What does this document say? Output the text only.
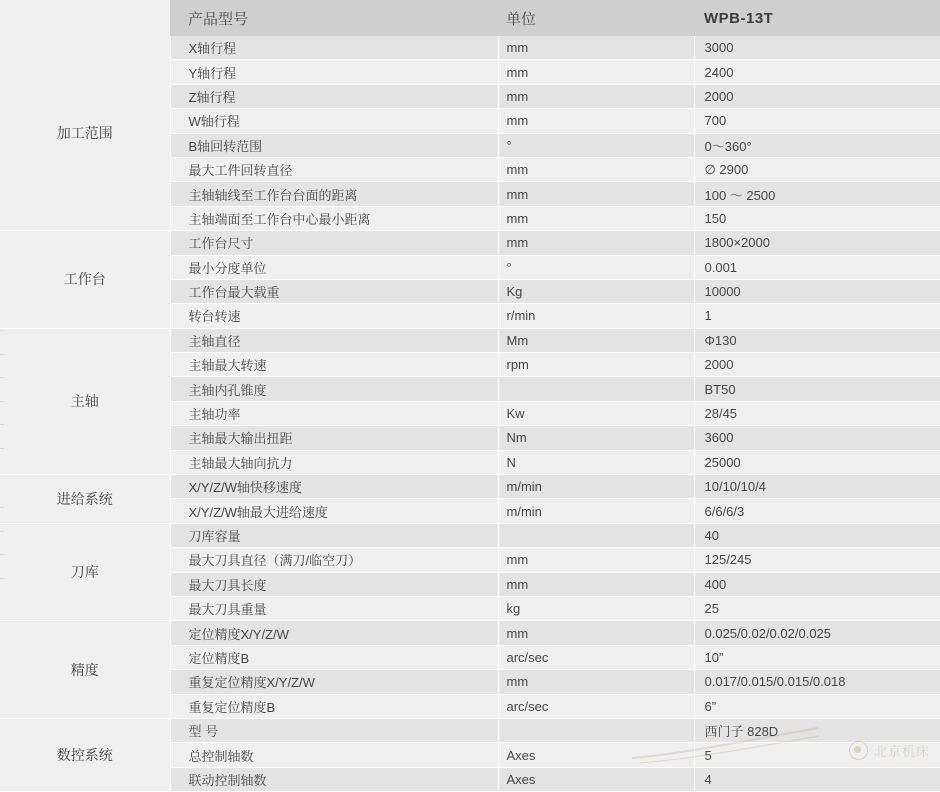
	产品型号	单位	WPB-13T
加工范围	X轴行程	mm	3000
	Y轴行程	mm	2400
	Z轴行程	mm	2000
	W轴行程	mm	700
	B轴回转范围	°	0～360°
	最大工件回转直径	mm	∅ 2900
	主轴轴线至工作台台面的距离	mm	100 ～ 2500
	主轴端面至工作台中心最小距离	mm	150
工作台	工作台尺寸	mm	1800×2000
	最小分度单位	°	0.001
	工作台最大载重	Kg	10000
	转台转速	r/min	1
主轴	主轴直径	Mm	Φ130
	主轴最大转速	rpm	2000
	主轴内孔锥度		BT50
	主轴功率	Kw	28/45
	主轴最大输出扭距	Nm	3600
	主轴最大轴向抗力	N	25000
进给系统	X/Y/Z/W轴快移速度	m/min	10/10/10/4
	X/Y/Z/W轴最大进给速度	m/min	6/6/6/3
刀库	刀库容量		40
	最大刀具直径（满刀/临空刀）	mm	125/245
	最大刀具长度	mm	400
	最大刀具重量	kg	25
精度	定位精度X/Y/Z/W	mm	0.025/0.02/0.02/0.025
	定位精度B	arc/sec	10”
	重复定位精度X/Y/Z/W	mm	0.017/0.015/0.015/0.018
	重复定位精度B	arc/sec	6”
数控系统	型 号		西门子 828D
	总控制轴数	Axes	5
	联动控制轴数	Axes	4
北京机床
